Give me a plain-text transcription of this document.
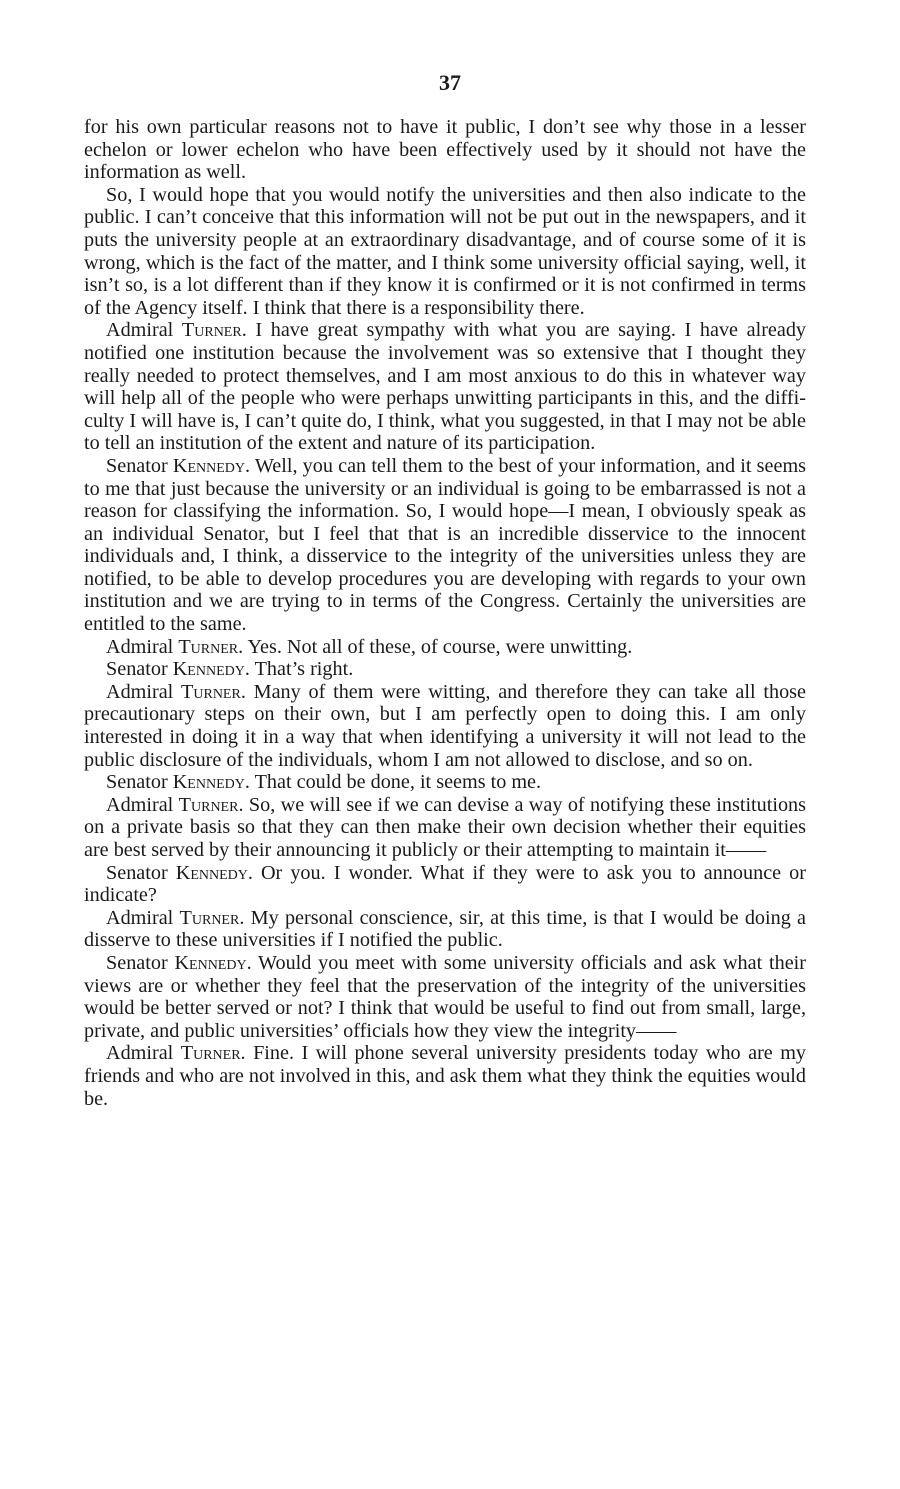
37

for his own particular reasons not to have it public, I don’t see why those in a lesser echelon or lower echelon who have been effectively used by it should not have the information as well.

So, I would hope that you would notify the universities and then also indicate to the public. I can’t conceive that this information will not be put out in the newspapers, and it puts the university people at an extraordinary disadvantage, and of course some of it is wrong, which is the fact of the matter, and I think some university official saying, well, it isn’t so, is a lot different than if they know it is confirmed or it is not confirmed in terms of the Agency itself. I think that there is a responsibility there.

Admiral Turner. I have great sympathy with what you are saying. I have already notified one institution because the involvement was so extensive that I thought they really needed to protect themselves, and I am most anxious to do this in whatever way will help all of the people who were perhaps unwitting participants in this, and the difficulty I will have is, I can’t quite do, I think, what you suggested, in that I may not be able to tell an institution of the extent and nature of its participation.

Senator Kennedy. Well, you can tell them to the best of your information, and it seems to me that just because the university or an individual is going to be embarrassed is not a reason for classifying the information. So, I would hope—I mean, I obviously speak as an individual Senator, but I feel that that is an incredible disservice to the innocent individuals and, I think, a disservice to the integrity of the universities unless they are notified, to be able to develop procedures you are developing with regards to your own institution and we are trying to in terms of the Congress. Certainly the universities are entitled to the same.

Admiral Turner. Yes. Not all of these, of course, were unwitting.

Senator Kennedy. That’s right.

Admiral Turner. Many of them were witting, and therefore they can take all those precautionary steps on their own, but I am perfectly open to doing this. I am only interested in doing it in a way that when identifying a university it will not lead to the public disclosure of the individuals, whom I am not allowed to disclose, and so on.

Senator Kennedy. That could be done, it seems to me.

Admiral Turner. So, we will see if we can devise a way of notifying these institutions on a private basis so that they can then make their own decision whether their equities are best served by their announcing it publicly or their attempting to maintain it——

Senator Kennedy. Or you. I wonder. What if they were to ask you to announce or indicate?

Admiral Turner. My personal conscience, sir, at this time, is that I would be doing a disserve to these universities if I notified the public.

Senator Kennedy. Would you meet with some university officials and ask what their views are or whether they feel that the preservation of the integrity of the universities would be better served or not? I think that would be useful to find out from small, large, private, and public universities’ officials how they view the integrity——

Admiral Turner. Fine. I will phone several university presidents today who are my friends and who are not involved in this, and ask them what they think the equities would be.
